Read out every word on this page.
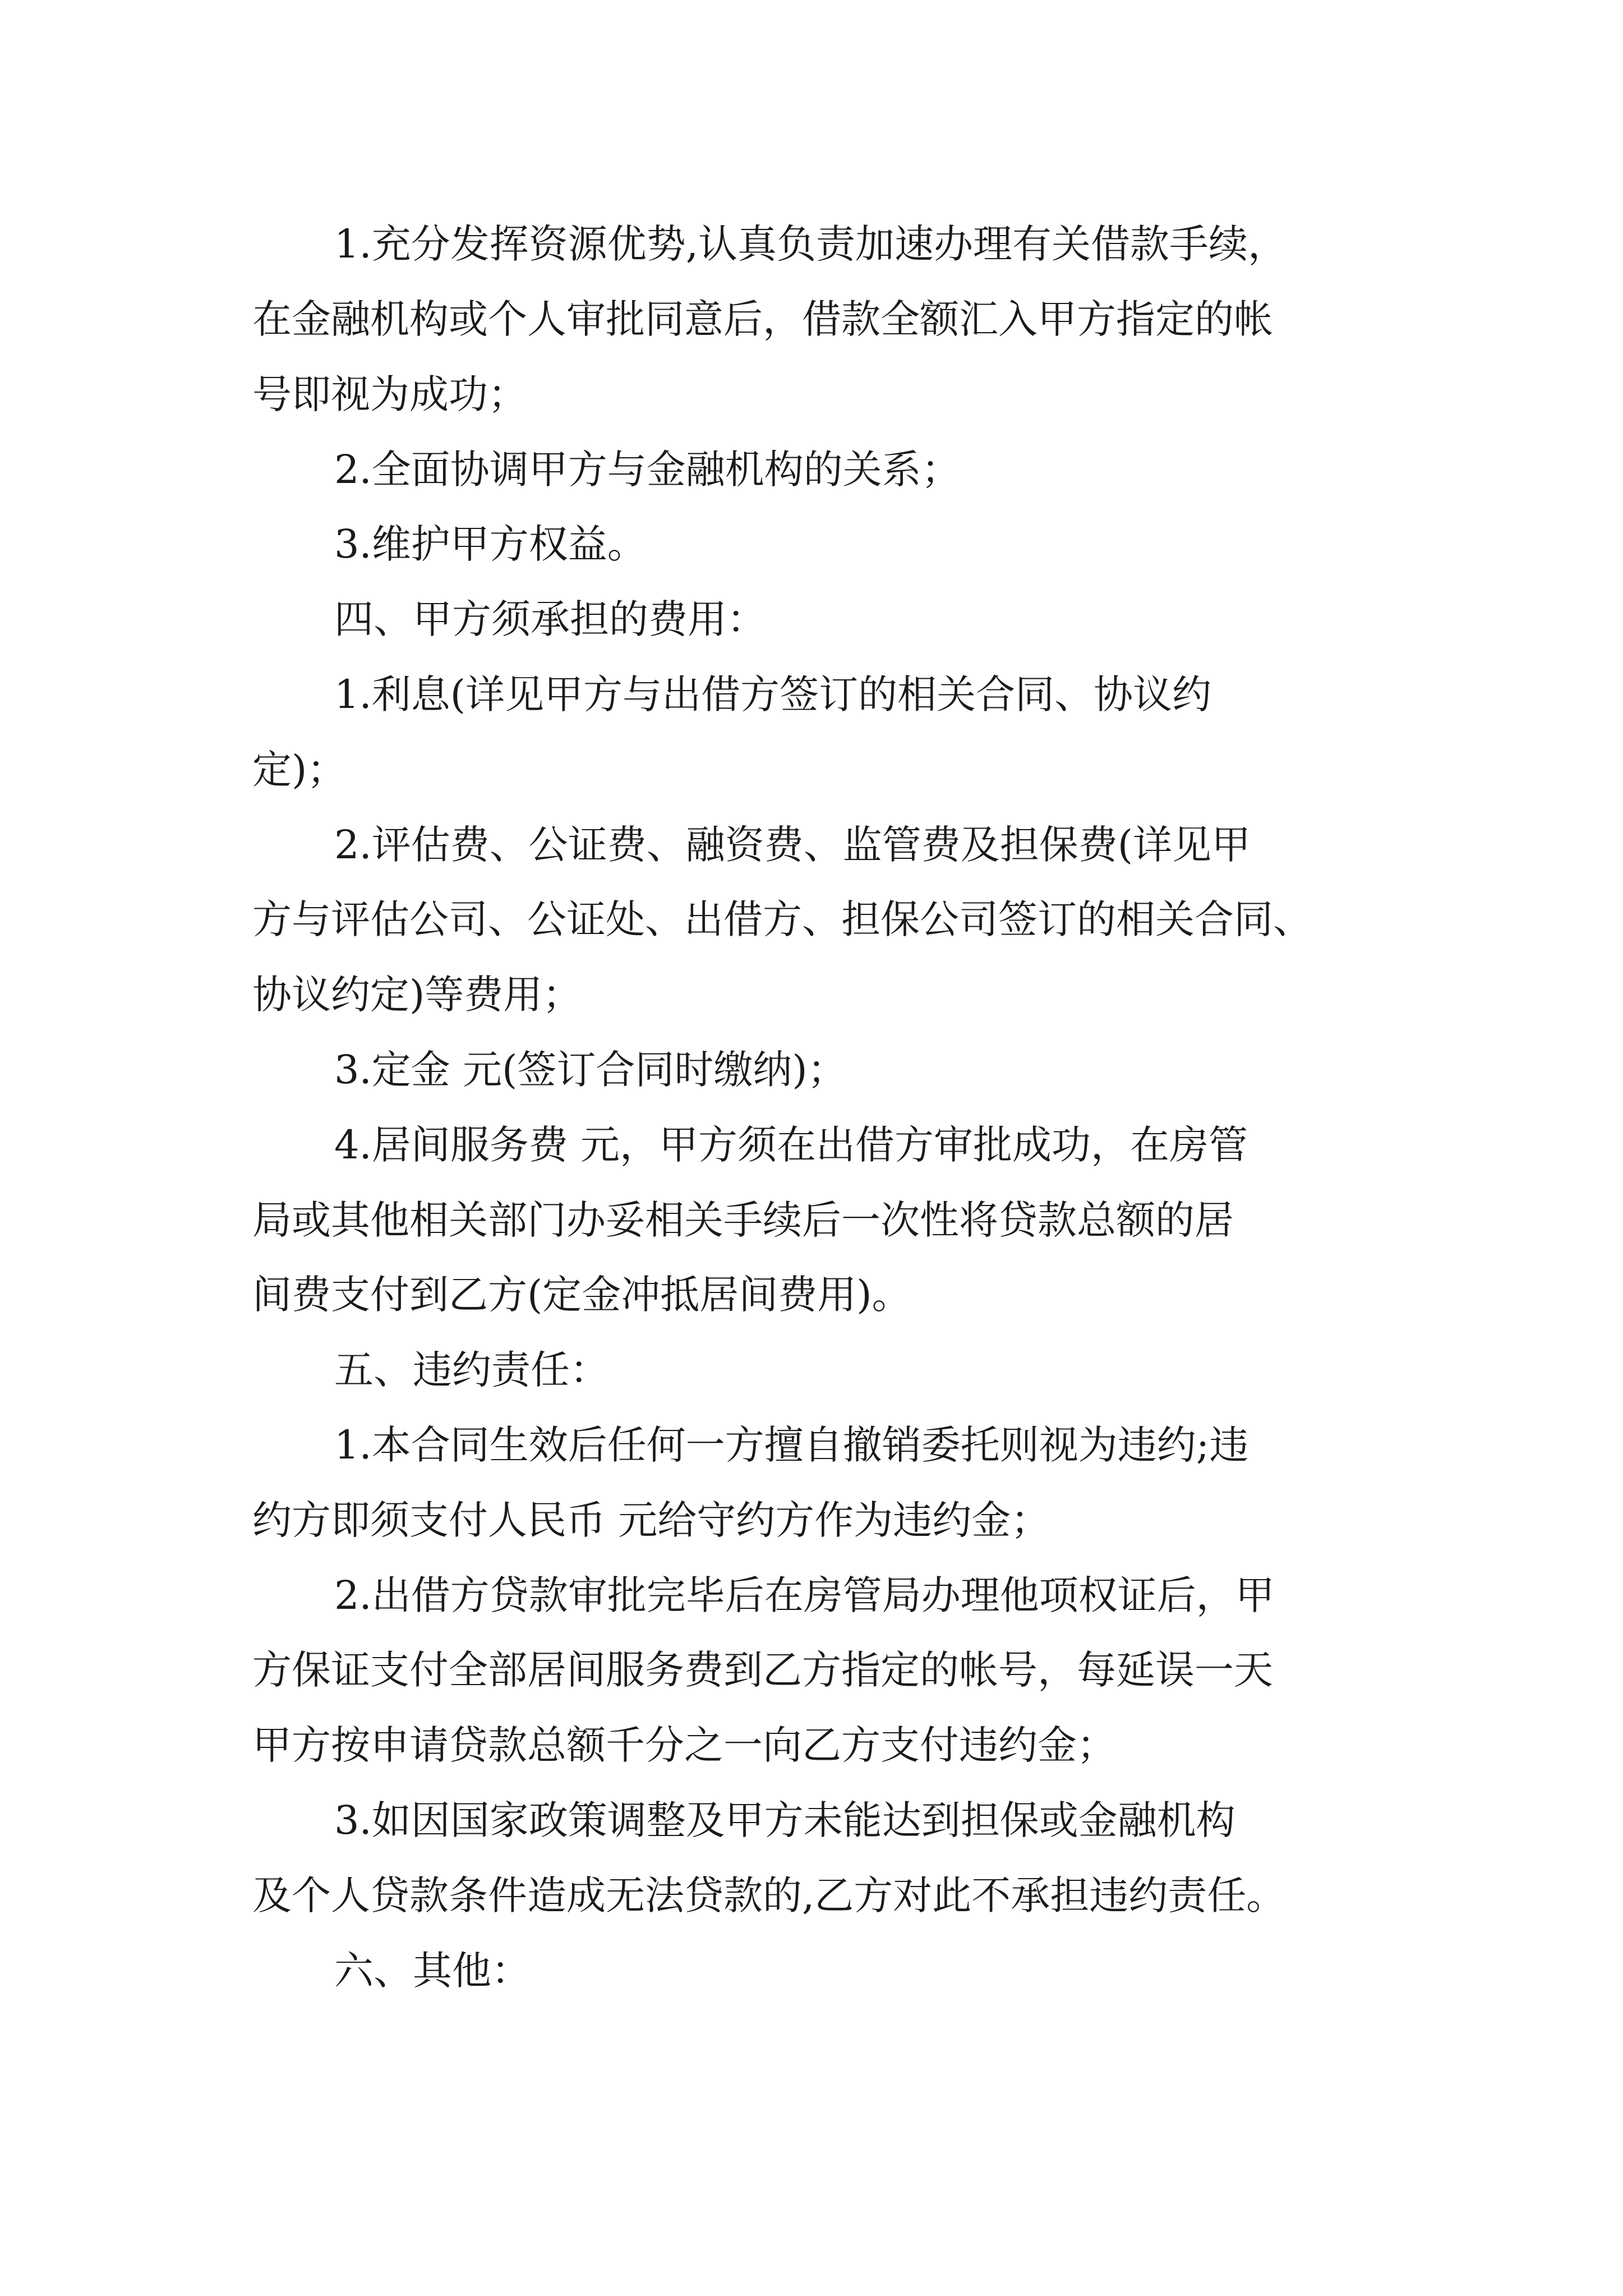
1.充分发挥资源优势,认真负责加速办理有关借款手续，

在金融机构或个人审批同意后，借款全额汇入甲方指定的帐

号即视为成功；

2.全面协调甲方与金融机构的关系；

3.维护甲方权益。

四、甲方须承担的费用：

1.利息(详见甲方与出借方签订的相关合同、协议约

定)；

2.评估费、公证费、融资费、监管费及担保费(详见甲

方与评估公司、公证处、出借方、担保公司签订的相关合同、

协议约定)等费用；

3.定金 元(签订合同时缴纳)；

4.居间服务费 元，甲方须在出借方审批成功，在房管

局或其他相关部门办妥相关手续后一次性将贷款总额的居

间费支付到乙方(定金冲抵居间费用)。

五、违约责任：

1.本合同生效后任何一方擅自撤销委托则视为违约;违

约方即须支付人民币 元给守约方作为违约金；

2.出借方贷款审批完毕后在房管局办理他项权证后，甲

方保证支付全部居间服务费到乙方指定的帐号，每延误一天

甲方按申请贷款总额千分之一向乙方支付违约金；

3.如因国家政策调整及甲方未能达到担保或金融机构

及个人贷款条件造成无法贷款的,乙方对此不承担违约责任。

六、其他：
